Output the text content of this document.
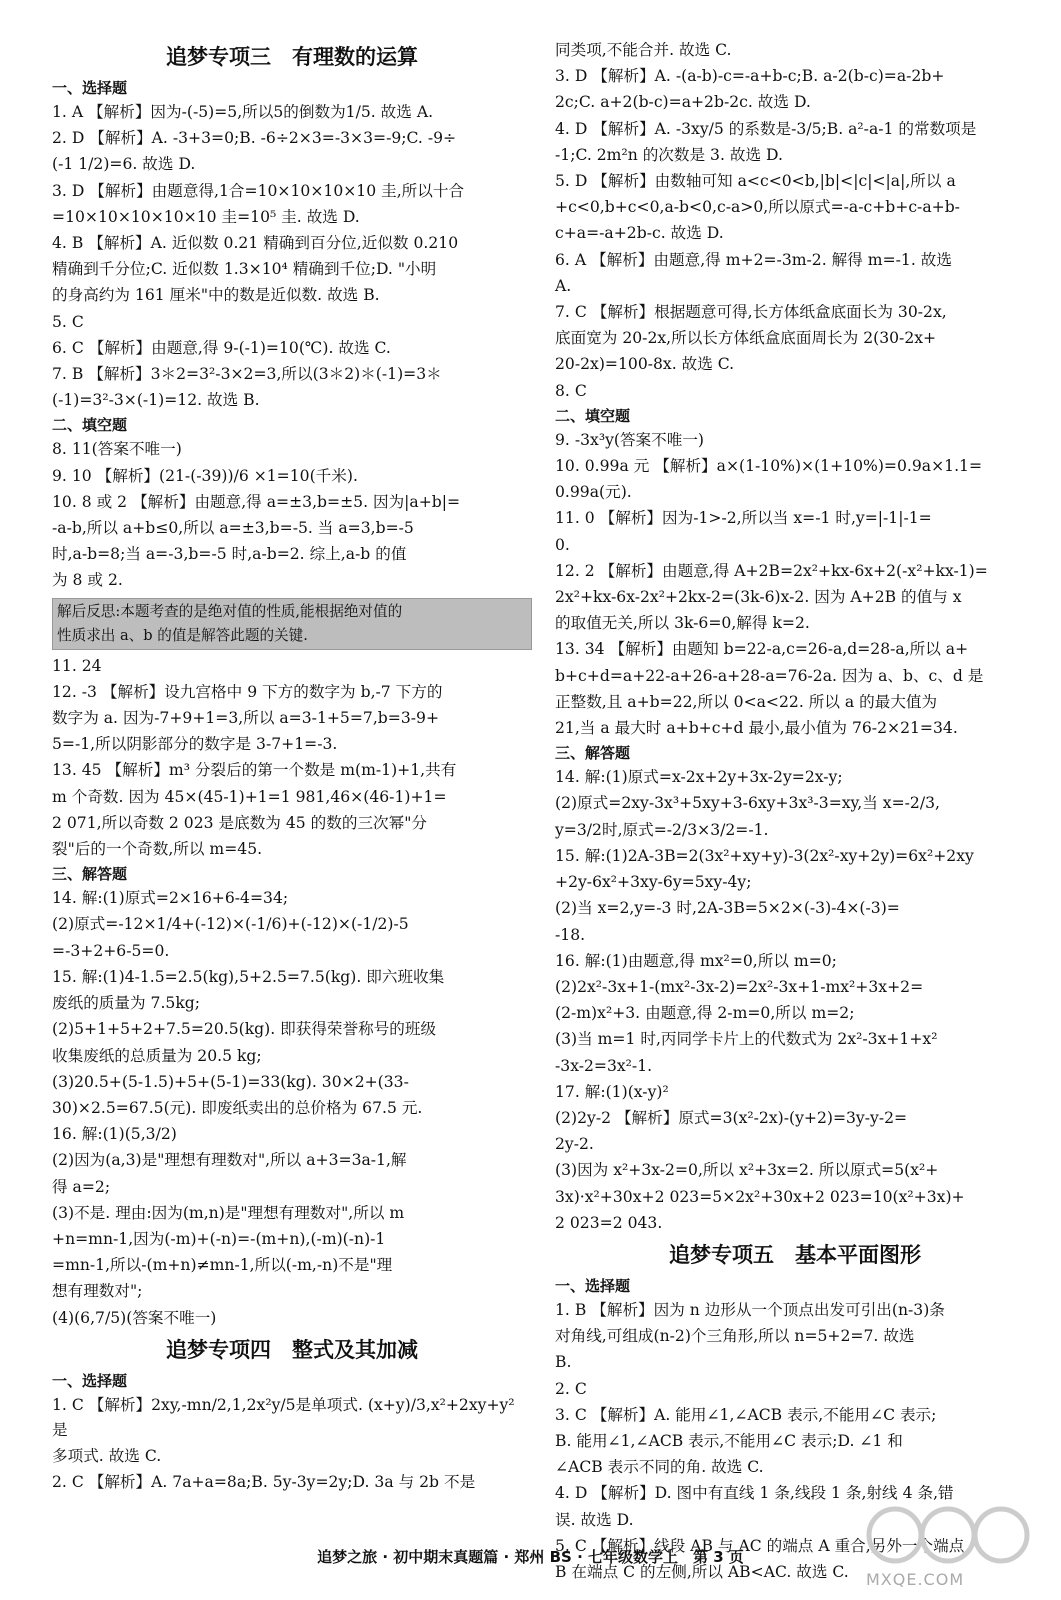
追梦专项三　有理数的运算
一、选择题
1. A 【解析】因为-(-5)=5,所以5的倒数为1/5. 故选 A.
2. D 【解析】A. -3+3=0;B. -6÷2×3=-3×3=-9;C. -9÷
(-1 1/2)=6. 故选 D.
3. D 【解析】由题意得,1合=10×10×10×10 圭,所以十合
=10×10×10×10×10 圭=10⁵ 圭. 故选 D.
4. B 【解析】A. 近似数 0.21 精确到百分位,近似数 0.210
精确到千分位;C. 近似数 1.3×10⁴ 精确到千位;D. "小明
的身高约为 161 厘米"中的数是近似数. 故选 B.
5. C
6. C 【解析】由题意,得 9-(-1)=10(℃). 故选 C.
7. B 【解析】3＊2=3²-3×2=3,所以(3＊2)＊(-1)=3＊
(-1)=3²-3×(-1)=12. 故选 B.
二、填空题
8. 11(答案不唯一)
9. 10 【解析】(21-(-39))/6 ×1=10(千米).
10. 8 或 2 【解析】由题意,得 a=±3,b=±5. 因为|a+b|=
-a-b,所以 a+b≤0,所以 a=±3,b=-5. 当 a=3,b=-5
时,a-b=8;当 a=-3,b=-5 时,a-b=2. 综上,a-b 的值
为 8 或 2.
解后反思:本题考查的是绝对值的性质,能根据绝对值的
性质求出 a、b 的值是解答此题的关键.
11. 24
12. -3 【解析】设九宫格中 9 下方的数字为 b,-7 下方的
数字为 a. 因为-7+9+1=3,所以 a=3-1+5=7,b=3-9+
5=-1,所以阴影部分的数字是 3-7+1=-3.
13. 45 【解析】m³ 分裂后的第一个数是 m(m-1)+1,共有
m 个奇数. 因为 45×(45-1)+1=1 981,46×(46-1)+1=
2 071,所以奇数 2 023 是底数为 45 的数的三次幂"分
裂"后的一个奇数,所以 m=45.
三、解答题
14. 解:(1)原式=2×16+6-4=34;
(2)原式=-12×1/4+(-12)×(-1/6)+(-12)×(-1/2)-5
=-3+2+6-5=0.
15. 解:(1)4-1.5=2.5(kg),5+2.5=7.5(kg). 即六班收集
废纸的质量为 7.5kg;
(2)5+1+5+2+7.5=20.5(kg). 即获得荣誉称号的班级
收集废纸的总质量为 20.5 kg;
(3)20.5+(5-1.5)+5+(5-1)=33(kg). 30×2+(33-
30)×2.5=67.5(元). 即废纸卖出的总价格为 67.5 元.
16. 解:(1)(5,3/2)
(2)因为(a,3)是"理想有理数对",所以 a+3=3a-1,解
得 a=2;
(3)不是. 理由:因为(m,n)是"理想有理数对",所以 m
+n=mn-1,因为(-m)+(-n)=-(m+n),(-m)(-n)-1
=mn-1,所以-(m+n)≠mn-1,所以(-m,-n)不是"理
想有理数对";
(4)(6,7/5)(答案不唯一)
追梦专项四　整式及其加减
一、选择题
1. C 【解析】2xy,-mn/2,1,2x²y/5是单项式. (x+y)/3,x²+2xy+y² 是
多项式. 故选 C.
2. C 【解析】A. 7a+a=8a;B. 5y-3y=2y;D. 3a 与 2b 不是
同类项,不能合并. 故选 C.
3. D 【解析】A. -(a-b)-c=-a+b-c;B. a-2(b-c)=a-2b+
2c;C. a+2(b-c)=a+2b-2c. 故选 D.
4. D 【解析】A. -3xy/5 的系数是-3/5;B. a²-a-1 的常数项是
-1;C. 2m²n 的次数是 3. 故选 D.
5. D 【解析】由数轴可知 a<c<0<b,|b|<|c|<|a|,所以 a
+c<0,b+c<0,a-b<0,c-a>0,所以原式=-a-c+b+c-a+b-
c+a=-a+2b-c. 故选 D.
6. A 【解析】由题意,得 m+2=-3m-2. 解得 m=-1. 故选
A.
7. C 【解析】根据题意可得,长方体纸盒底面长为 30-2x,
底面宽为 20-2x,所以长方体纸盒底面周长为 2(30-2x+
20-2x)=100-8x. 故选 C.
8. C
二、填空题
9. -3x³y(答案不唯一)
10. 0.99a 元 【解析】a×(1-10%)×(1+10%)=0.9a×1.1=
0.99a(元).
11. 0 【解析】因为-1>-2,所以当 x=-1 时,y=|-1|-1=
0.
12. 2 【解析】由题意,得 A+2B=2x²+kx-6x+2(-x²+kx-1)=
2x²+kx-6x-2x²+2kx-2=(3k-6)x-2. 因为 A+2B 的值与 x
的取值无关,所以 3k-6=0,解得 k=2.
13. 34 【解析】由题知 b=22-a,c=26-a,d=28-a,所以 a+
b+c+d=a+22-a+26-a+28-a=76-2a. 因为 a、b、c、d 是
正整数,且 a+b=22,所以 0<a<22. 所以 a 的最大值为
21,当 a 最大时 a+b+c+d 最小,最小值为 76-2×21=34.
三、解答题
14. 解:(1)原式=x-2x+2y+3x-2y=2x-y;
(2)原式=2xy-3x³+5xy+3-6xy+3x³-3=xy,当 x=-2/3,
y=3/2时,原式=-2/3×3/2=-1.
15. 解:(1)2A-3B=2(3x²+xy+y)-3(2x²-xy+2y)=6x²+2xy
+2y-6x²+3xy-6y=5xy-4y;
(2)当 x=2,y=-3 时,2A-3B=5×2×(-3)-4×(-3)=
-18.
16. 解:(1)由题意,得 mx²=0,所以 m=0;
(2)2x²-3x+1-(mx²-3x-2)=2x²-3x+1-mx²+3x+2=
(2-m)x²+3. 由题意,得 2-m=0,所以 m=2;
(3)当 m=1 时,丙同学卡片上的代数式为 2x²-3x+1+x²
-3x-2=3x²-1.
17. 解:(1)(x-y)²
(2)2y-2 【解析】原式=3(x²-2x)-(y+2)=3y-y-2=
2y-2.
(3)因为 x²+3x-2=0,所以 x²+3x=2. 所以原式=5(x²+
3x)·x²+30x+2 023=5×2x²+30x+2 023=10(x²+3x)+
2 023=2 043.
追梦专项五　基本平面图形
一、选择题
1. B 【解析】因为 n 边形从一个顶点出发可引出(n-3)条
对角线,可组成(n-2)个三角形,所以 n=5+2=7. 故选
B.
2. C
3. C 【解析】A. 能用∠1,∠ACB 表示,不能用∠C 表示;
B. 能用∠1,∠ACB 表示,不能用∠C 表示;D. ∠1 和
∠ACB 表示不同的角. 故选 C.
4. D 【解析】D. 图中有直线 1 条,线段 1 条,射线 4 条,错
误. 故选 D.
5. C 【解析】线段 AB 与 AC 的端点 A 重合,另外一个端点
B 在端点 C 的左侧,所以 AB<AC. 故选 C.
追梦之旅 · 初中期末真题篇 · 郑州 BS · 七年级数学上　第 3 页
MXQE.COM
